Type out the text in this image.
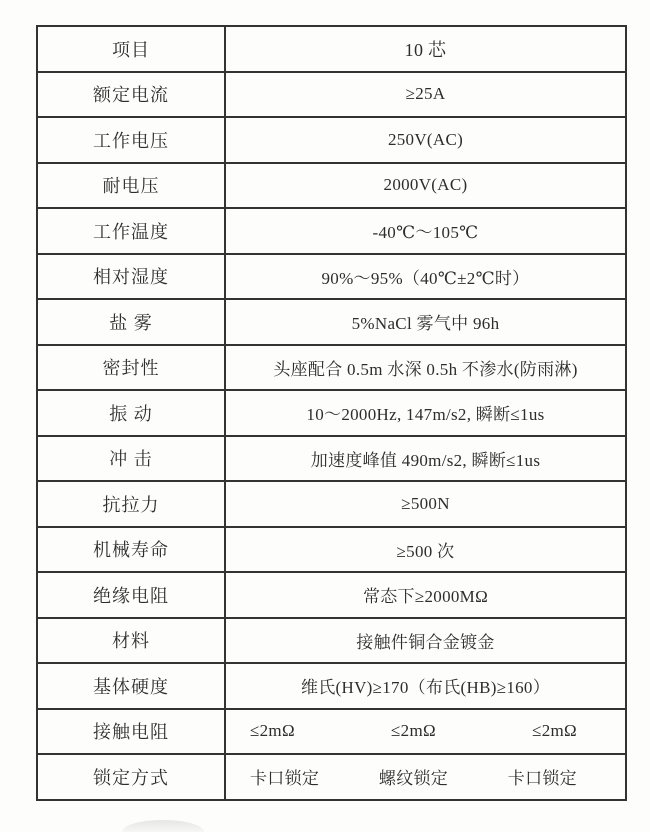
项目	10 芯
额定电流	≥25A
工作电压	250V(AC)
耐电压	2000V(AC)
工作温度	-40℃～105℃
相对湿度	90%～95%（40℃±2℃时）
盐 雾	5%NaCl 雾气中 96h
密封性	头座配合 0.5m 水深 0.5h 不渗水(防雨淋)
振 动	10～2000Hz, 147m/s2, 瞬断≤1us
冲 击	加速度峰值 490m/s2, 瞬断≤1us
抗拉力	≥500N
机械寿命	≥500 次
绝缘电阻	常态下≥2000MΩ
材料	接触件铜合金镀金
基体硬度	维氏(HV)≥170（布氏(HB)≥160）
接触电阻	≤2mΩ ≤2mΩ ≤2mΩ

锁定方式	卡口锁定 螺纹锁定 卡口锁定
